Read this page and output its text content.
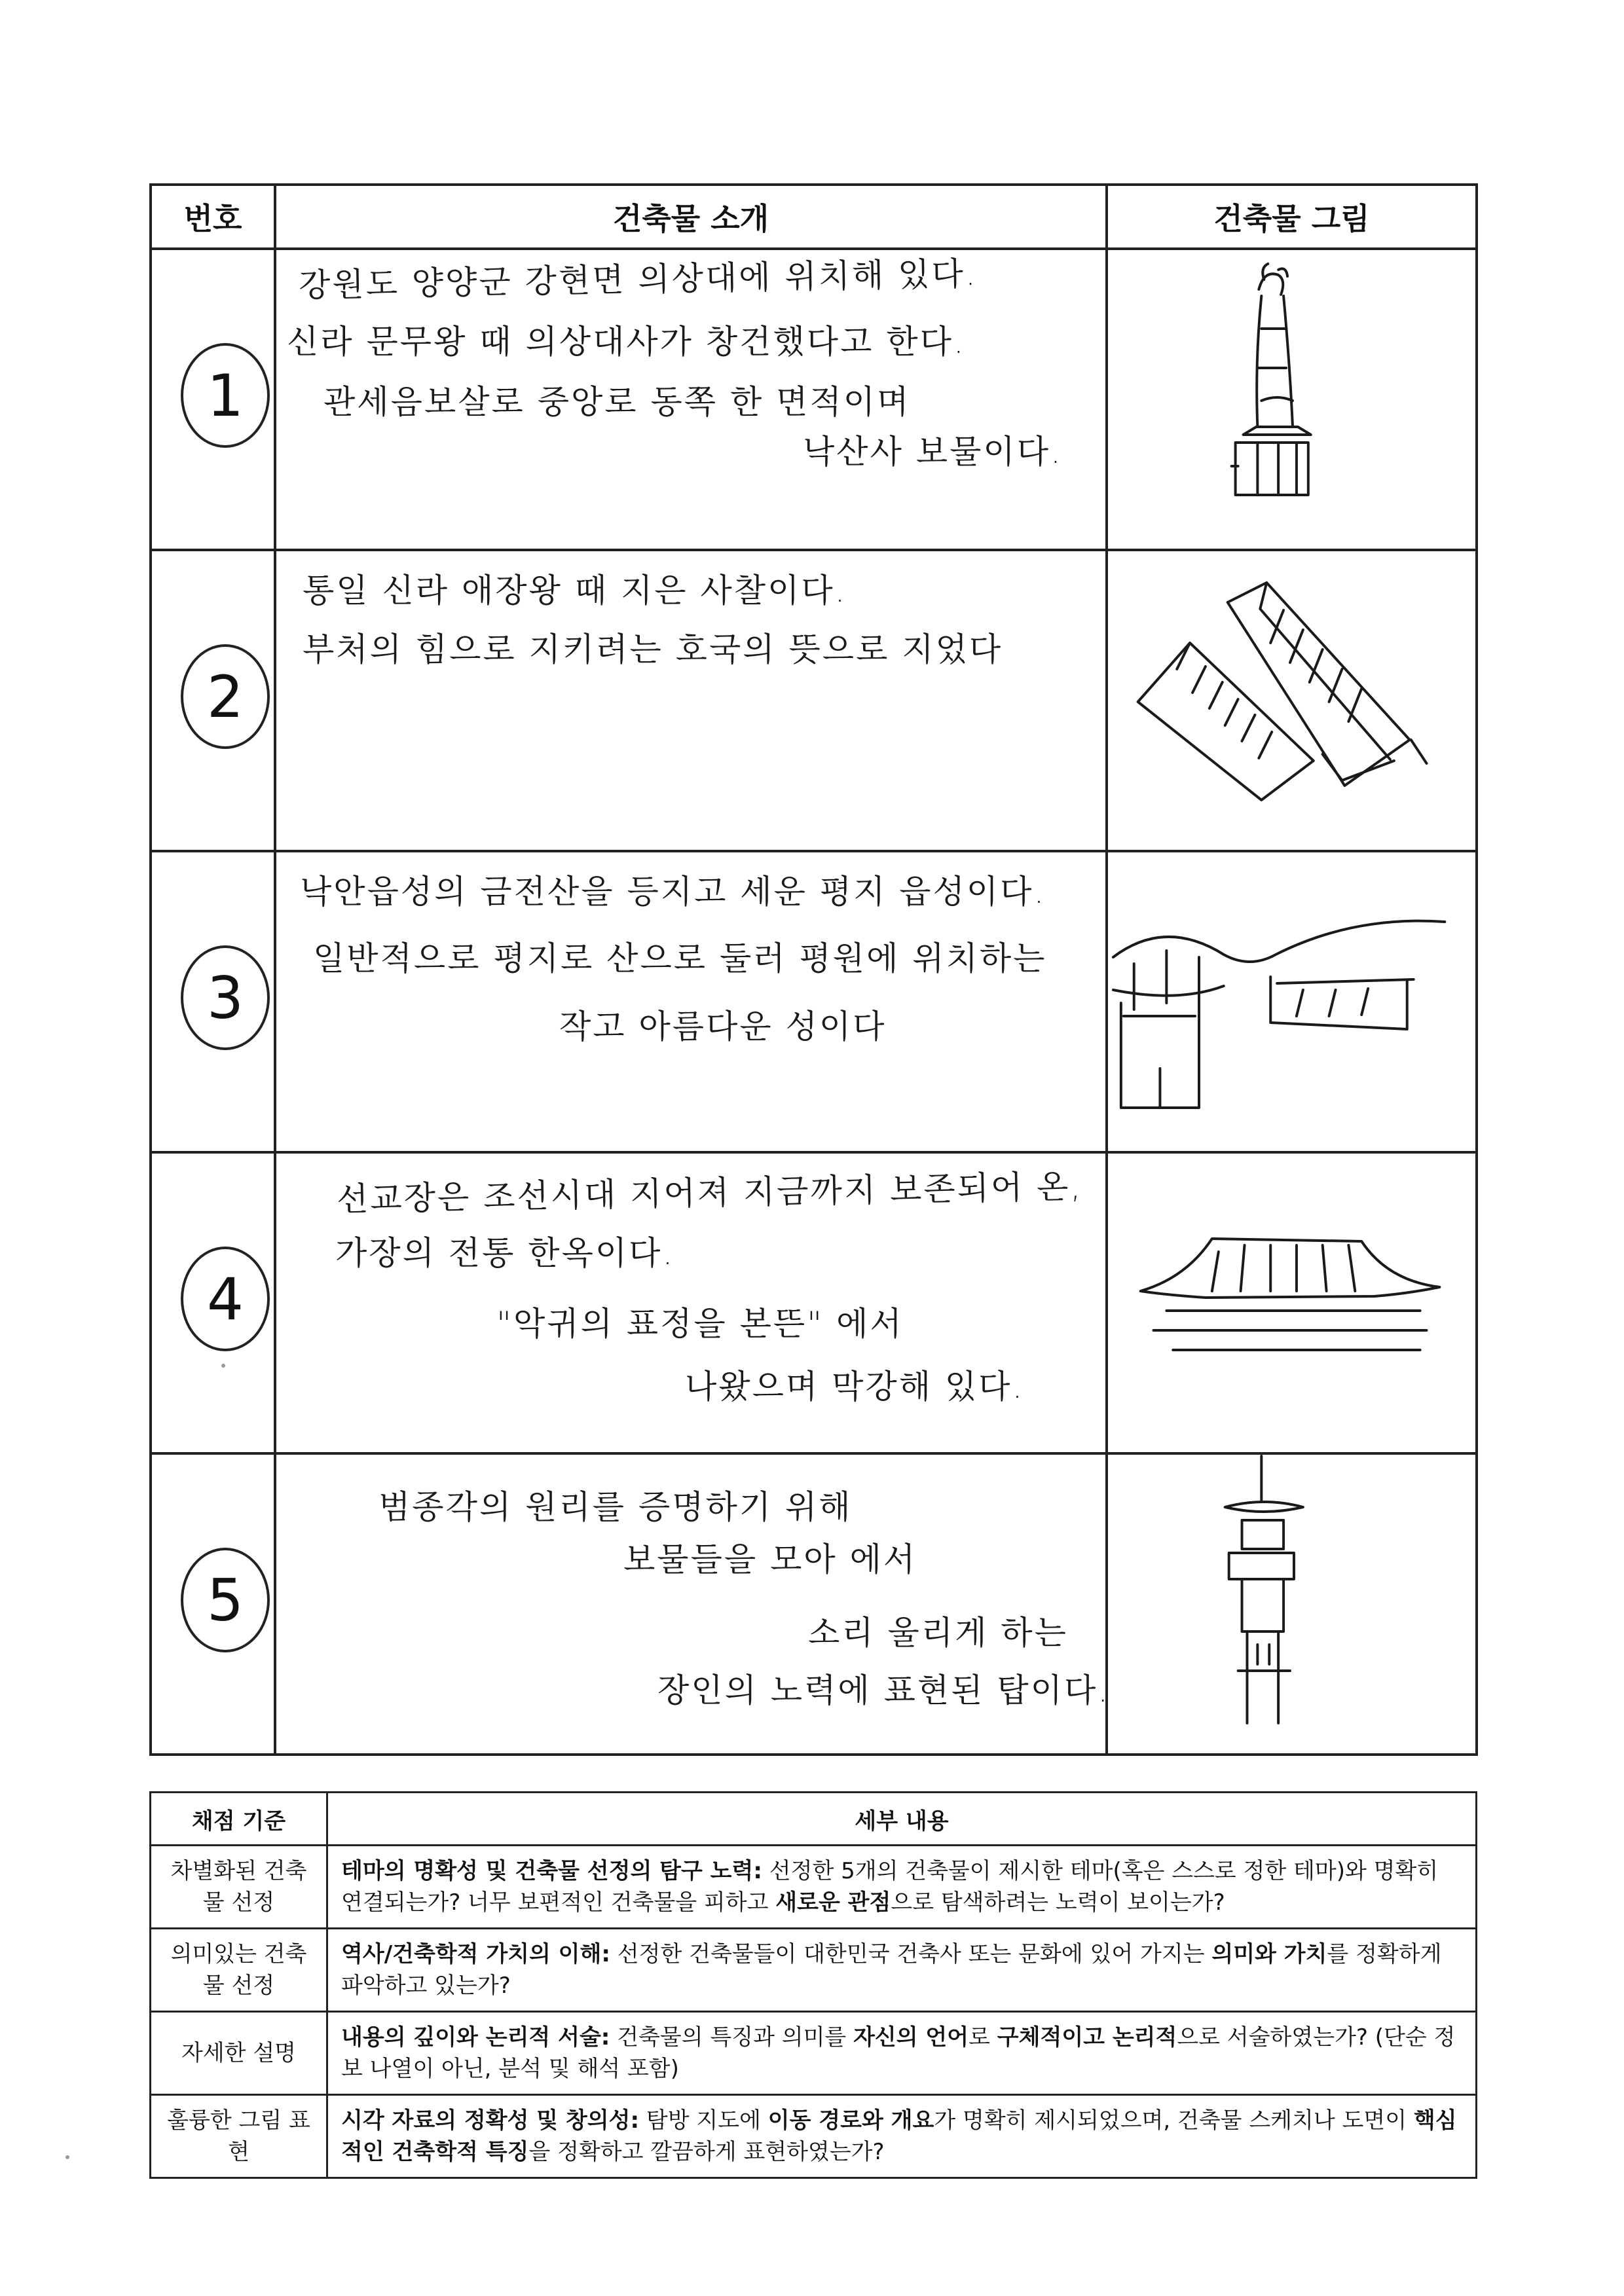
번호	건축물 소개	건축물 그림

1	강원도 양양군 강현면 의상대에 위치해 있다.
신라 문무왕 때 의상대사가 창건했다고 한다.
관세음보살로 중앙로 동쪽 한 면적이며
낙산사 보물이다.

2	통일 신라 애장왕 때 지은 사찰이다.
부처의 힘으로 지키려는 호국의 뜻으로 지었다

3	낙안읍성의 금전산을 등지고 세운 평지 읍성이다.
일반적으로 평지로 산으로 둘러 평원에 위치하는
작고 아름다운 성이다

4	선교장은 조선시대 지어져 지금까지 보존되어 온,
가장의 전통 한옥이다.
"악귀의 표정을 본뜬" 에서
나왔으며 막강해 있다.

5	범종각의 원리를 증명하기 위해
보물들을 모아 에서
소리 울리게 하는
장인의 노력에 표현된 탑이다.

채점 기준	세부 내용
차별화된 건축물 선정	테마의 명확성 및 건축물 선정의 탐구 노력: 선정한 5개의 건축물이 제시한 테마(혹은 스스로 정한 테마)와 명확히 연결되는가? 너무 보편적인 건축물을 피하고 새로운 관점으로 탐색하려는 노력이 보이는가?
의미있는 건축물 선정	역사/건축학적 가치의 이해: 선정한 건축물들이 대한민국 건축사 또는 문화에 있어 가지는 의미와 가치를 정확하게 파악하고 있는가?
자세한 설명	내용의 깊이와 논리적 서술: 건축물의 특징과 의미를 자신의 언어로 구체적이고 논리적으로 서술하였는가? (단순 정보 나열이 아닌, 분석 및 해석 포함)
훌륭한 그림 표현	시각 자료의 정확성 및 창의성: 탐방 지도에 이동 경로와 개요가 명확히 제시되었으며, 건축물 스케치나 도면이 핵심적인 건축학적 특징을 정확하고 깔끔하게 표현하였는가?
